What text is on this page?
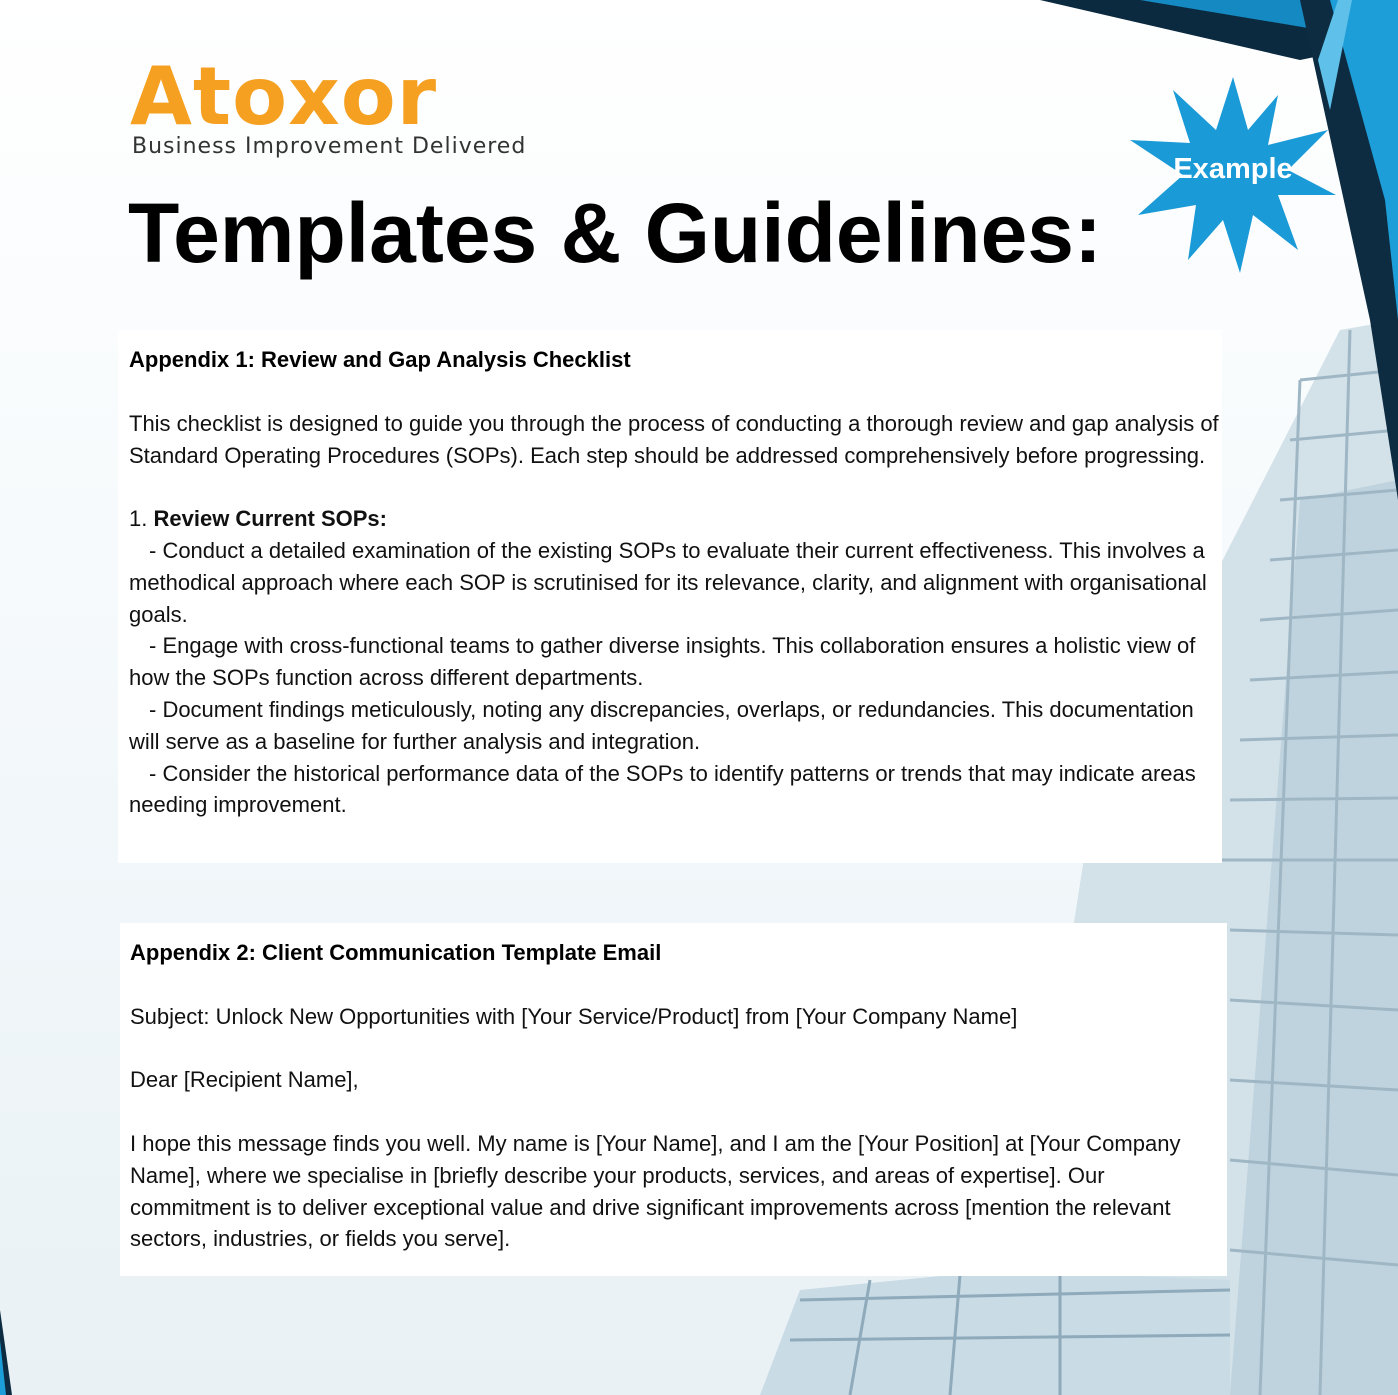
Atoxor
Business Improvement Delivered
Templates & Guidelines:
Example

Appendix 1: Review and Gap Analysis Checklist

This checklist is designed to guide you through the process of conducting a thorough review and gap analysis of Standard Operating Procedures (SOPs). Each step should be addressed comprehensively before progressing.

1. Review Current SOPs:

- Conduct a detailed examination of the existing SOPs to evaluate their current effectiveness. This involves a methodical approach where each SOP is scrutinised for its relevance, clarity, and alignment with organisational goals.

- Engage with cross-functional teams to gather diverse insights. This collaboration ensures a holistic view of how the SOPs function across different departments.

- Document findings meticulously, noting any discrepancies, overlaps, or redundancies. This documentation will serve as a baseline for further analysis and integration.

- Consider the historical performance data of the SOPs to identify patterns or trends that may indicate areas needing improvement.

Appendix 2: Client Communication Template Email

Subject: Unlock New Opportunities with [Your Service/Product] from [Your Company Name]

Dear [Recipient Name],

I hope this message finds you well. My name is [Your Name], and I am the [Your Position] at [Your Company Name], where we specialise in [briefly describe your products, services, and areas of expertise]. Our commitment is to deliver exceptional value and drive significant improvements across [mention the relevant sectors, industries, or fields you serve].
